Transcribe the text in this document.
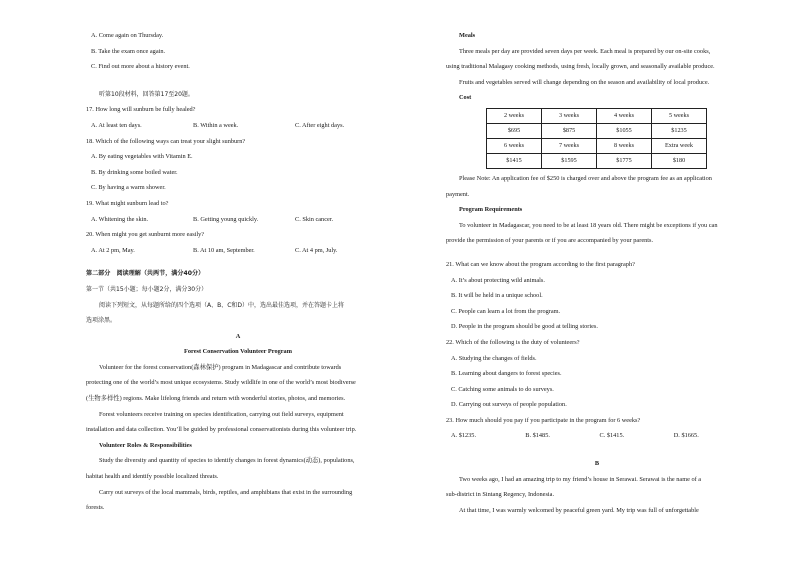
A. Come again on Thursday.
B. Take the exam once again.
C. Find out more about a history event.
听第10段材料，回答第17至20题。
17. How long will sunburn be fully healed?
A. At least ten days.	B. Within a week.	C. After eight days.
18. Which of the following ways can treat your slight sunburn?
A. By eating vegetables with Vitamin E.
B. By drinking some boiled water.
C. By having a warm shower.
19. What might sunburn lead to?
A. Whitening the skin.	B. Getting young quickly.	C. Skin cancer.
20. When might you get sunburnt more easily?
A. At 2 pm, May.	B. At 10 am, September.	C. At 4 pm, July.
第二部分　阅读理解（共两节，满分40分）
第一节（共15小题；每小题2分，满分30分）
阅读下列短文，从每题所给的四个选项（A、B、C和D）中，选出最佳选项，并在答题卡上将
选项涂黑。
A
Forest Conservation Volunteer Program
Volunteer for the forest conservation(森林保护) program in Madagascar and contribute towards
protecting one of the world’s most unique ecosystems. Study wildlife in one of the world’s most biodiverse
(生物多样性) regions. Make lifelong friends and return with wonderful stories, photos, and memories.
Forest volunteers receive training on species identification, carrying out field surveys, equipment
installation and data collection. You’ll be guided by professional conservationists during this volunteer trip.
Volunteer Roles & Responsibilities
Study the diversity and quantity of species to identify changes in forest dynamics(动态), populations,
habitat health and identify possible localized threats.
Carry out surveys of the local mammals, birds, reptiles, and amphibians that exist in the surrounding
forests.
Meals
Three meals per day are provided seven days per week. Each meal is prepared by our on-site cooks,
using traditional Malagasy cooking methods, using fresh, locally grown, and seasonally available produce.
Fruits and vegetables served will change depending on the season and availability of local produce.
Cost
2 weeks	3 weeks	4 weeks	5 weeks
$695	$875	$1055	$1235
6 weeks	7 weeks	8 weeks	Extra week
$1415	$1595	$1775	$180
Please Note: An application fee of $250 is charged over and above the program fee as an application
payment.
Program Requirements
To volunteer in Madagascar, you need to be at least 18 years old. There might be exceptions if you can
provide the permission of your parents or if you are accompanied by your parents.
21. What can we know about the program according to the first paragraph?
A. It’s about protecting wild animals.
B. It will be held in a unique school.
C. People can learn a lot from the program.
D. People in the program should be good at telling stories.
22. Which of the following is the duty of volunteers?
A. Studying the changes of fields.
B. Learning about dangers to forest species.
C. Catching some animals to do surveys.
D. Carrying out surveys of people population.
23. How much should you pay if you participate in the program for 6 weeks?
A. $1235.	B. $1485.	C. $1415.	D. $1665.
B
Two weeks ago, I had an amazing trip to my friend’s house in Serawai. Serawai is the name of a
sub-district in Sintang Regency, Indonesia.
At that time, I was warmly welcomed by peaceful green yard. My trip was full of unforgettable
